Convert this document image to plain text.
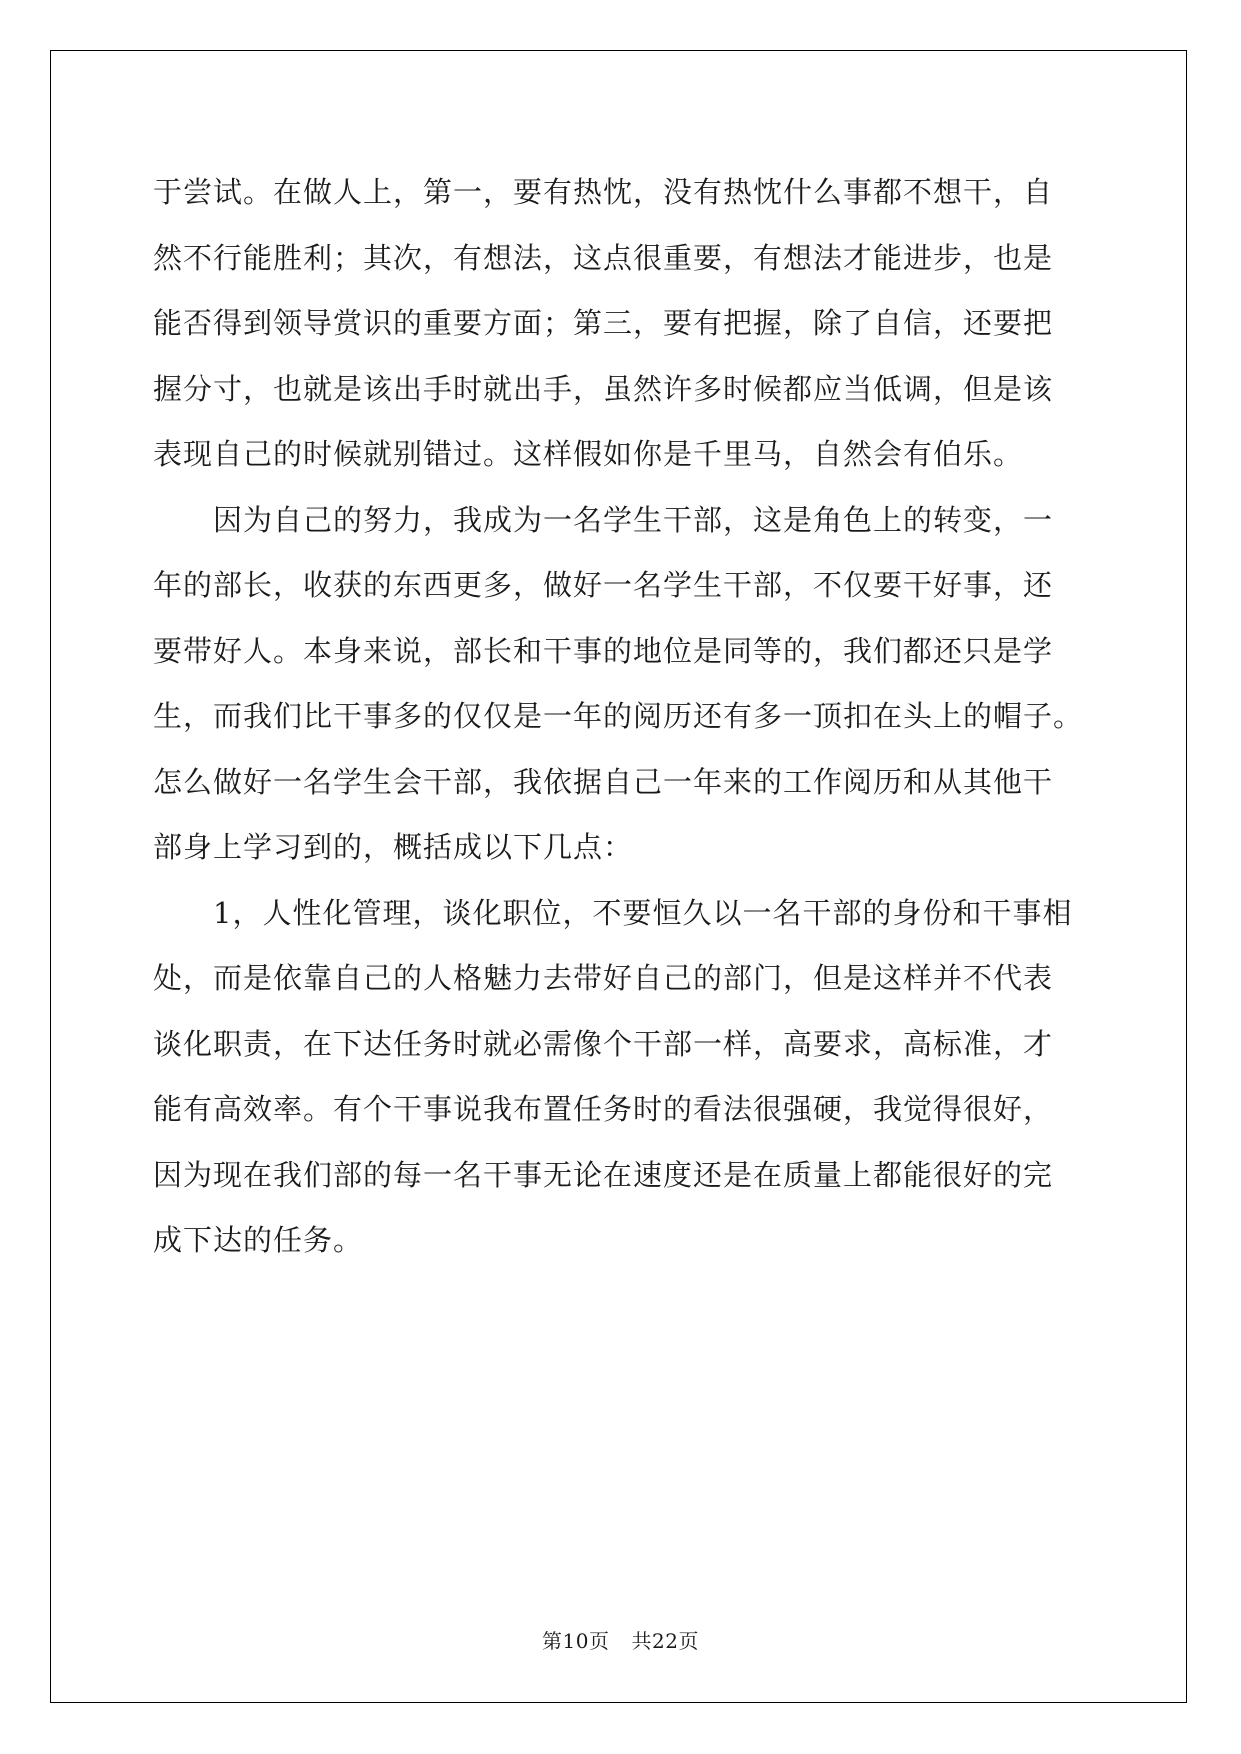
于尝试。在做人上，第一，要有热忱，没有热忱什么事都不想干，自
然不行能胜利；其次，有想法，这点很重要，有想法才能进步，也是
能否得到领导赏识的重要方面；第三，要有把握，除了自信，还要把
握分寸，也就是该出手时就出手，虽然许多时候都应当低调，但是该
表现自己的时候就别错过。这样假如你是千里马，自然会有伯乐。
因为自己的努力，我成为一名学生干部，这是角色上的转变，一
年的部长，收获的东西更多，做好一名学生干部，不仅要干好事，还
要带好人。本身来说，部长和干事的地位是同等的，我们都还只是学
生，而我们比干事多的仅仅是一年的阅历还有多一顶扣在头上的帽子。
怎么做好一名学生会干部，我依据自己一年来的工作阅历和从其他干
部身上学习到的，概括成以下几点：
1，人性化管理，谈化职位，不要恒久以一名干部的身份和干事相
处，而是依靠自己的人格魅力去带好自己的部门，但是这样并不代表
谈化职责，在下达任务时就必需像个干部一样，高要求，高标准，才
能有高效率。有个干事说我布置任务时的看法很强硬，我觉得很好，
因为现在我们部的每一名干事无论在速度还是在质量上都能很好的完
成下达的任务。
第10页 共22页
